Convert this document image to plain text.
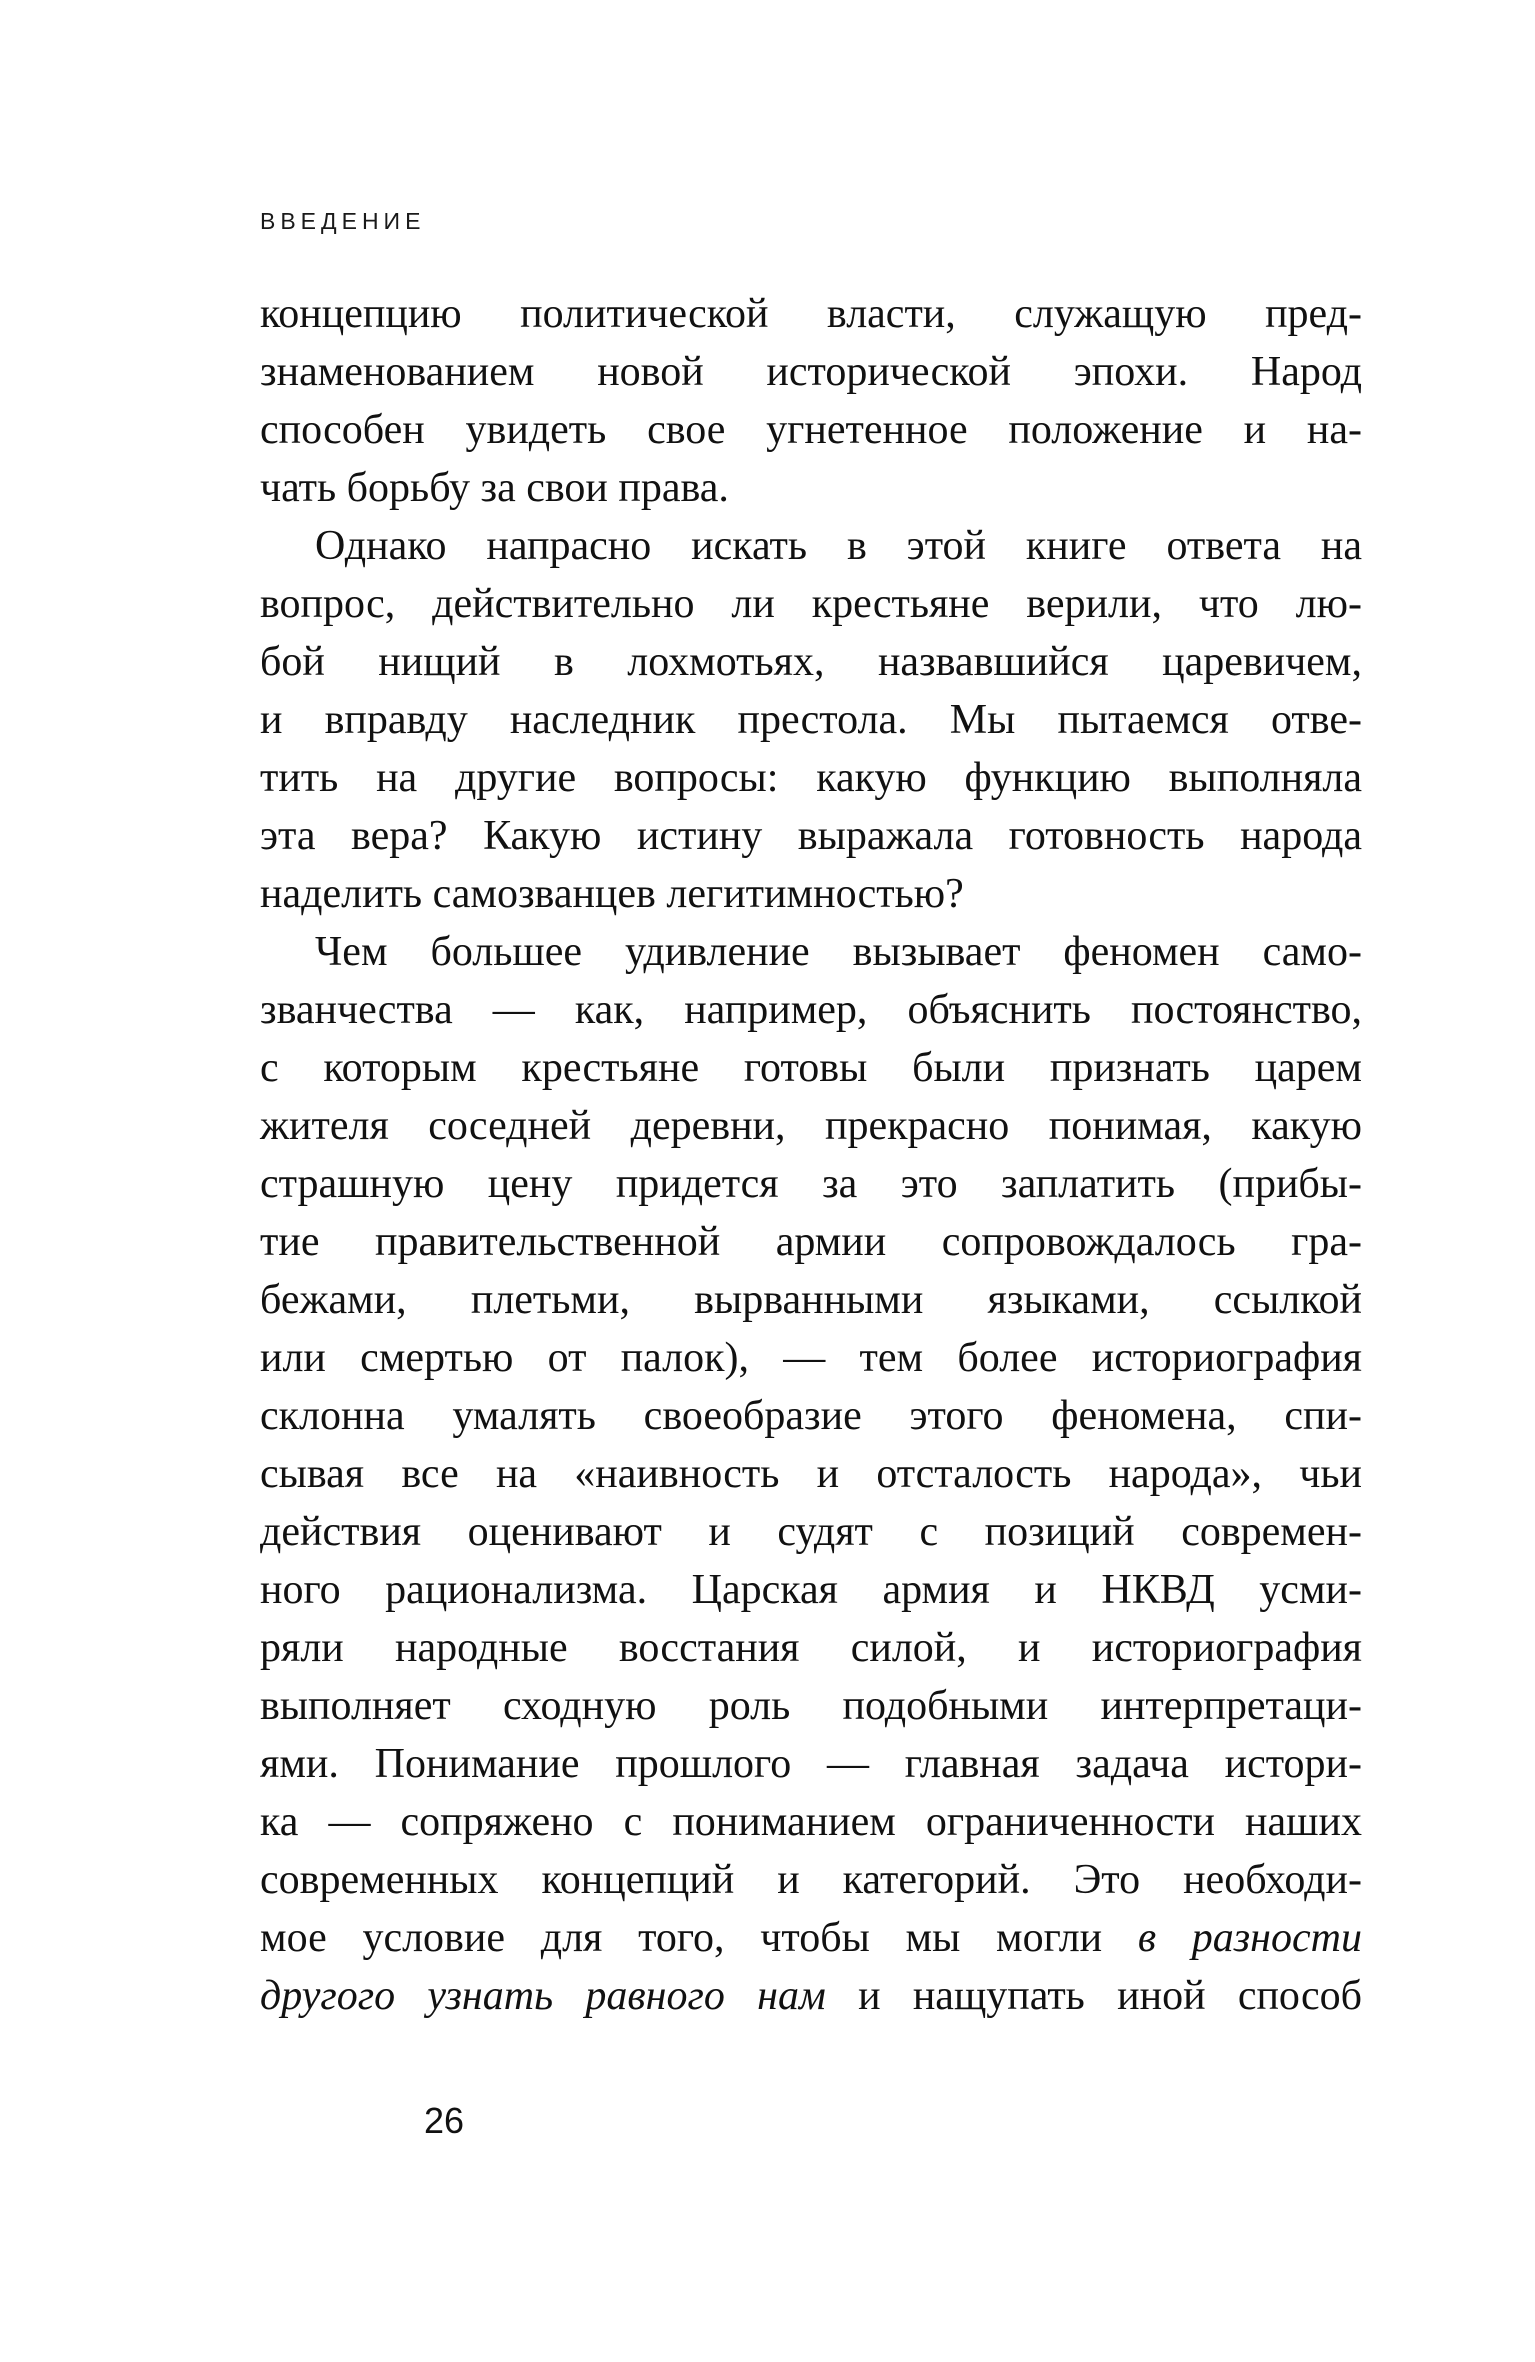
ВВЕДЕНИЕ
концепцию политической власти, служащую пред-
знаменованием новой исторической эпохи. Народ
способен увидеть свое угнетенное положение и на-
чать борьбу за свои права.
Однако напрасно искать в этой книге ответа на
вопрос, действительно ли крестьяне верили, что лю-
бой нищий в лохмотьях, назвавшийся царевичем,
и вправду наследник престола. Мы пытаемся отве-
тить на другие вопросы: какую функцию выполняла
эта вера? Какую истину выражала готовность народа
наделить самозванцев легитимностью?
Чем большее удивление вызывает феномен само-
званчества — как, например, объяснить постоянство,
с которым крестьяне готовы были признать царем
жителя соседней деревни, прекрасно понимая, какую
страшную цену придется за это заплатить (прибы-
тие правительственной армии сопровождалось гра-
бежами, плетьми, вырванными языками, ссылкой
или смертью от палок), — тем более историография
склонна умалять своеобразие этого феномена, спи-
сывая все на «наивность и отсталость народа», чьи
действия оценивают и судят с позиций современ-
ного рационализма. Царская армия и НКВД усми-
ряли народные восстания силой, и историография
выполняет сходную роль подобными интерпретаци-
ями. Понимание прошлого — главная задача истори-
ка — сопряжено с пониманием ограниченности наших
современных концепций и категорий. Это необходи-
мое условие для того, чтобы мы могли в разности
другого узнать равного нам и нащупать иной способ
26
